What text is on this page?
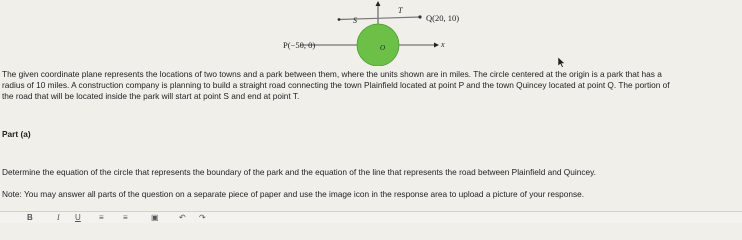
S
T
Q(20, 10)
P(−50, 0)	O	x
The given coordinate plane represents the locations of two towns and a park between them, where the units shown are in miles. The circle centered at the origin is a park that has a
radius of 10 miles. A construction company is planning to build a straight road connecting the town Plainfield located at point P and the town Quincey located at point Q. The portion of
the road that will be located inside the park will start at point S and end at point T.
Part (a)
Determine the equation of the circle that represents the boundary of the park and the equation of the line that represents the road between Plainfield and Quincey.
Note: You may answer all parts of the question on a separate piece of paper and use the image icon in the response area to upload a picture of your response.
B	I U ≡ ≡	▣	↶ ↷
